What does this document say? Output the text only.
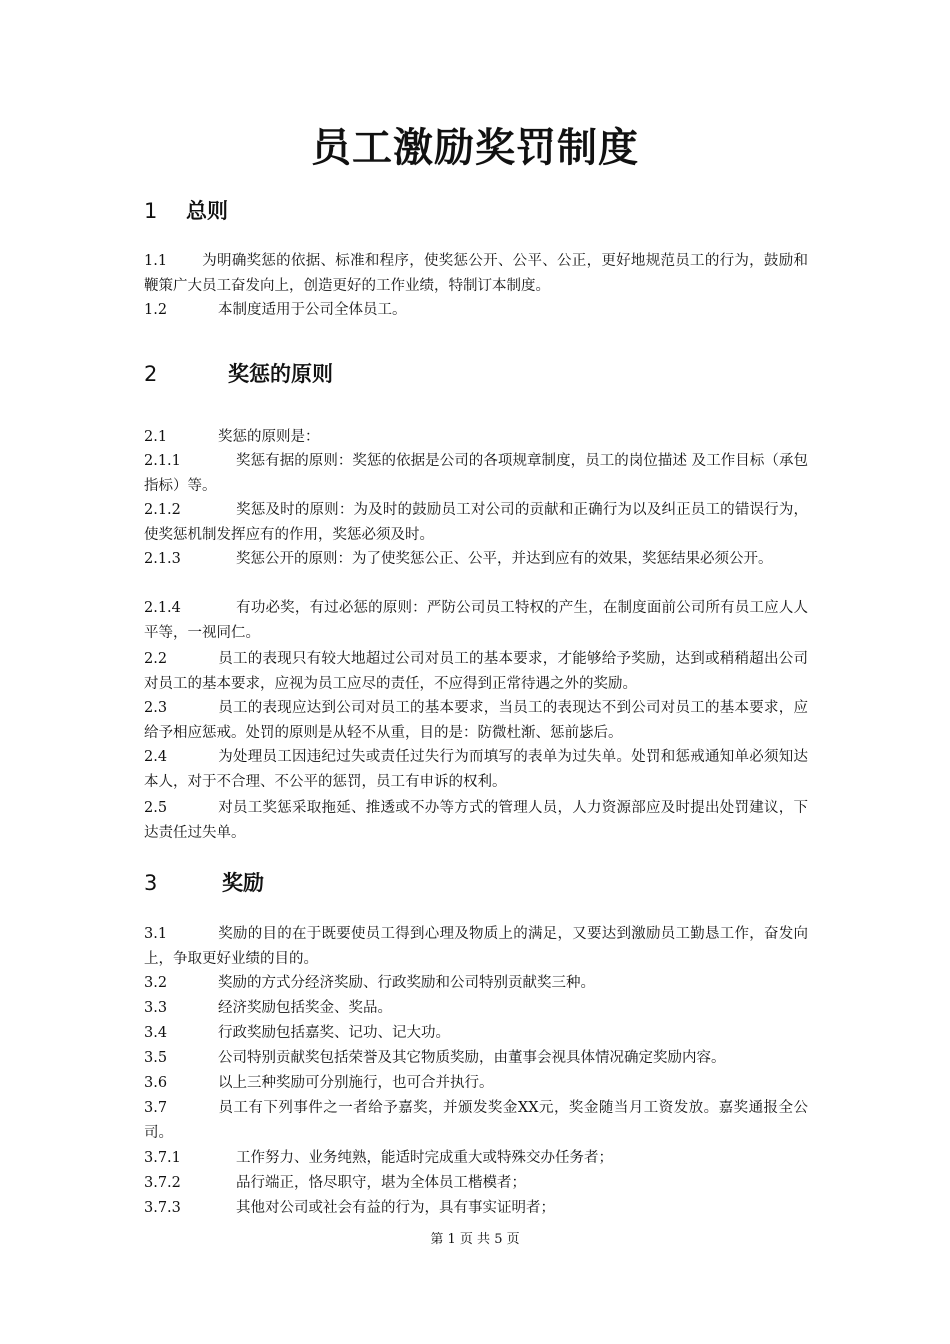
员工激励奖罚制度
1 总则
1.1 为明确奖惩的依据、标准和程序，使奖惩公开、公平、公正，更好地规范员工的行为，鼓励和鞭策广大员工奋发向上，创造更好的工作业绩，特制订本制度。
1.2	本制度适用于公司全体员工。
2	奖惩的原则
2.1	奖惩的原则是：
2.1.1	奖惩有据的原则：奖惩的依据是公司的各项规章制度，员工的岗位描述 及工作目标（承包指标）等。
2.1.2	奖惩及时的原则：为及时的鼓励员工对公司的贡献和正确行为以及纠正员工的错误行为，使奖惩机制发挥应有的作用，奖惩必须及时。
2.1.3	奖惩公开的原则：为了使奖惩公正、公平，并达到应有的效果，奖惩结果必须公开。
2.1.4	有功必奖，有过必惩的原则：严防公司员工特权的产生，在制度面前公司所有员工应人人平等，一视同仁。
2.2	员工的表现只有较大地超过公司对员工的基本要求，才能够给予奖励，达到或稍稍超出公司对员工的基本要求，应视为员工应尽的责任，不应得到正常待遇之外的奖励。
2.3	员工的表现应达到公司对员工的基本要求，当员工的表现达不到公司对员工的基本要求，应给予相应惩戒。处罚的原则是从轻不从重，目的是：防微杜渐、惩前毖后。
2.4	为处理员工因违纪过失或责任过失行为而填写的表单为过失单。处罚和惩戒通知单必须知达本人，对于不合理、不公平的惩罚，员工有申诉的权利。
2.5	对员工奖惩采取拖延、推透或不办等方式的管理人员，人力资源部应及时提出处罚建议，下达责任过失单。
3	奖励
3.1	奖励的目的在于既要使员工得到心理及物质上的满足，又要达到激励员工勤恳工作，奋发向上，争取更好业绩的目的。
3.2	奖励的方式分经济奖励、行政奖励和公司特别贡献奖三种。
3.3	经济奖励包括奖金、奖品。
3.4	行政奖励包括嘉奖、记功、记大功。
3.5	公司特别贡献奖包括荣誉及其它物质奖励，由董事会视具体情况确定奖励内容。
3.6	以上三种奖励可分别施行，也可合并执行。
3.7	员工有下列事件之一者给予嘉奖，并颁发奖金XX元，奖金随当月工资发放。嘉奖通报全公司。
3.7.1	工作努力、业务纯熟，能适时完成重大或特殊交办任务者；
3.7.2	品行端正，恪尽职守，堪为全体员工楷模者；
3.7.3	其他对公司或社会有益的行为，具有事实证明者；
第 1 页 共 5 页
